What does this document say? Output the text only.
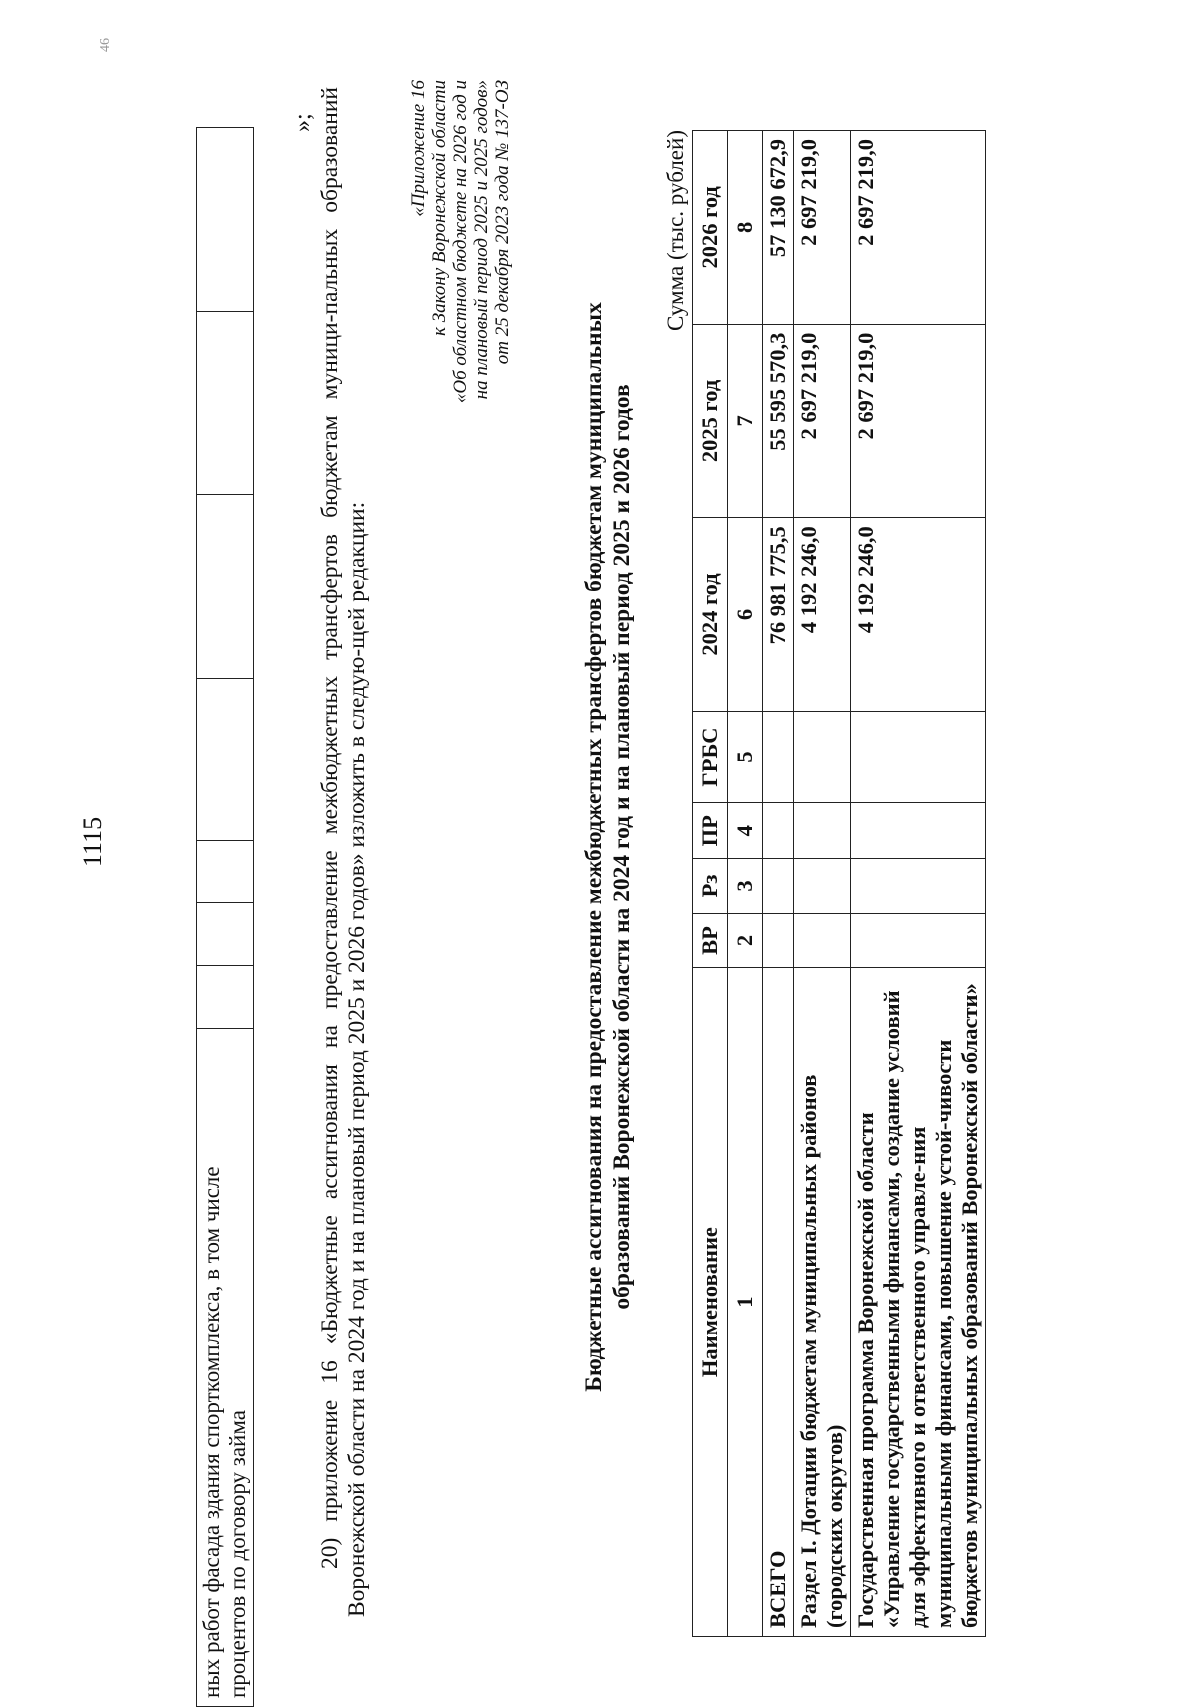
1115
46
ных работ фасада здания спорткомплекса, в том числе процентов по договору займа

»; 20) приложение 16 «Бюджетные ассигнования на предоставление межбюджетных трансфертов бюджетам муници-пальных образований Воронежской области на 2024 год и на плановый период 2025 и 2026 годов» изложить в следую-щей редакции:
«Приложение 16 к Закону Воронежской области «Об областном бюджете на 2026 год и на плановый период 2025 и 2025 годов» от 25 декабря 2023 года № 137-ОЗ
Бюджетные ассигнования на предоставление межбюджетных трансфертов бюджетам муниципальных образований Воронежской области на 2024 год и на плановый период 2025 и 2026 годов
Сумма (тыс. рублей)
Наименование	ВР	Рз	ПР	ГРБС	2024 год	2025 год	2026 год
1	2	3	4	5	6	7	8
ВСЕГО					76 981 775,5	55 595 570,3	57 130 672,9
Раздел I. Дотации бюджетам муниципальных районов (городских округов)					4 192 246,0	2 697 219,0	2 697 219,0
Государственная программа Воронежской области «Управление государственными финансами, создание условий для эффективного и ответственного управле-ния муниципальными финансами, повышение устой-чивости бюджетов муниципальных образований Воронежской области»					4 192 246,0	2 697 219,0	2 697 219,0
